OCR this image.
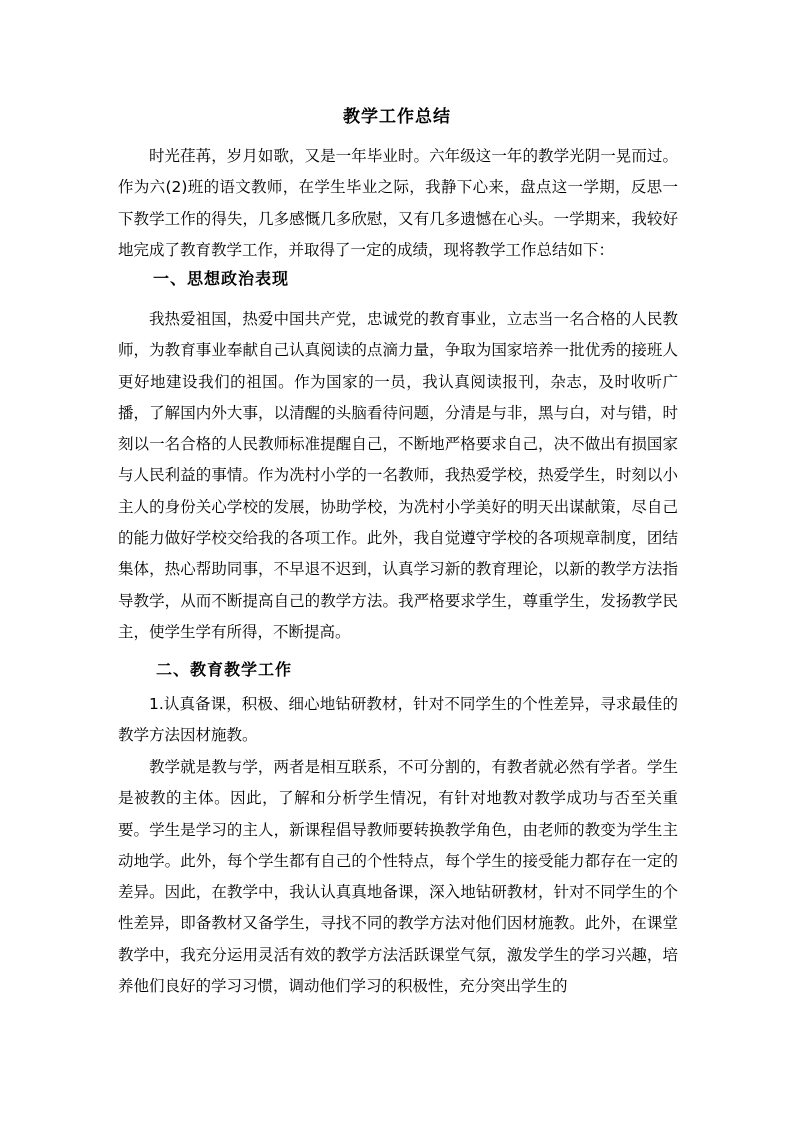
教学工作总结

时光荏苒，岁月如歌，又是一年毕业时。六年级这一年的教学光阴一晃而过。作为六(2)班的语文教师，在学生毕业之际，我静下心来，盘点这一学期，反思一下教学工作的得失，几多感慨几多欣慰，又有几多遗憾在心头。一学期来，我较好地完成了教育教学工作，并取得了一定的成绩，现将教学工作总结如下：

一、思想政治表现

我热爱祖国，热爱中国共产党，忠诚党的教育事业，立志当一名合格的人民教师，为教育事业奉献自己认真阅读的点滴力量，争取为国家培养一批优秀的接班人更好地建设我们的祖国。作为国家的一员，我认真阅读报刊，杂志，及时收听广播，了解国内外大事，以清醒的头脑看待问题，分清是与非，黑与白，对与错，时刻以一名合格的人民教师标准提醒自己，不断地严格要求自己，决不做出有损国家与人民利益的事情。作为冼村小学的一名教师，我热爱学校，热爱学生，时刻以小主人的身份关心学校的发展，协助学校，为冼村小学美好的明天出谋献策，尽自己的能力做好学校交给我的各项工作。此外，我自觉遵守学校的各项规章制度，团结集体，热心帮助同事，不早退不迟到，认真学习新的教育理论，以新的教学方法指导教学，从而不断提高自己的教学方法。我严格要求学生，尊重学生，发扬教学民主，使学生学有所得，不断提高。

二、教育教学工作

1.认真备课，积极、细心地钻研教材，针对不同学生的个性差异，寻求最佳的教学方法因材施教。

教学就是教与学，两者是相互联系，不可分割的，有教者就必然有学者。学生是被教的主体。因此，了解和分析学生情况，有针对地教对教学成功与否至关重要。学生是学习的主人，新课程倡导教师要转换教学角色，由老师的教变为学生主动地学。此外，每个学生都有自己的个性特点，每个学生的接受能力都存在一定的差异。因此，在教学中，我认认真真地备课，深入地钻研教材，针对不同学生的个性差异，即备教材又备学生，寻找不同的教学方法对他们因材施教。此外，在课堂教学中，我充分运用灵活有效的教学方法活跃课堂气氛，激发学生的学习兴趣，培养他们良好的学习习惯，调动他们学习的积极性，充分突出学生的
